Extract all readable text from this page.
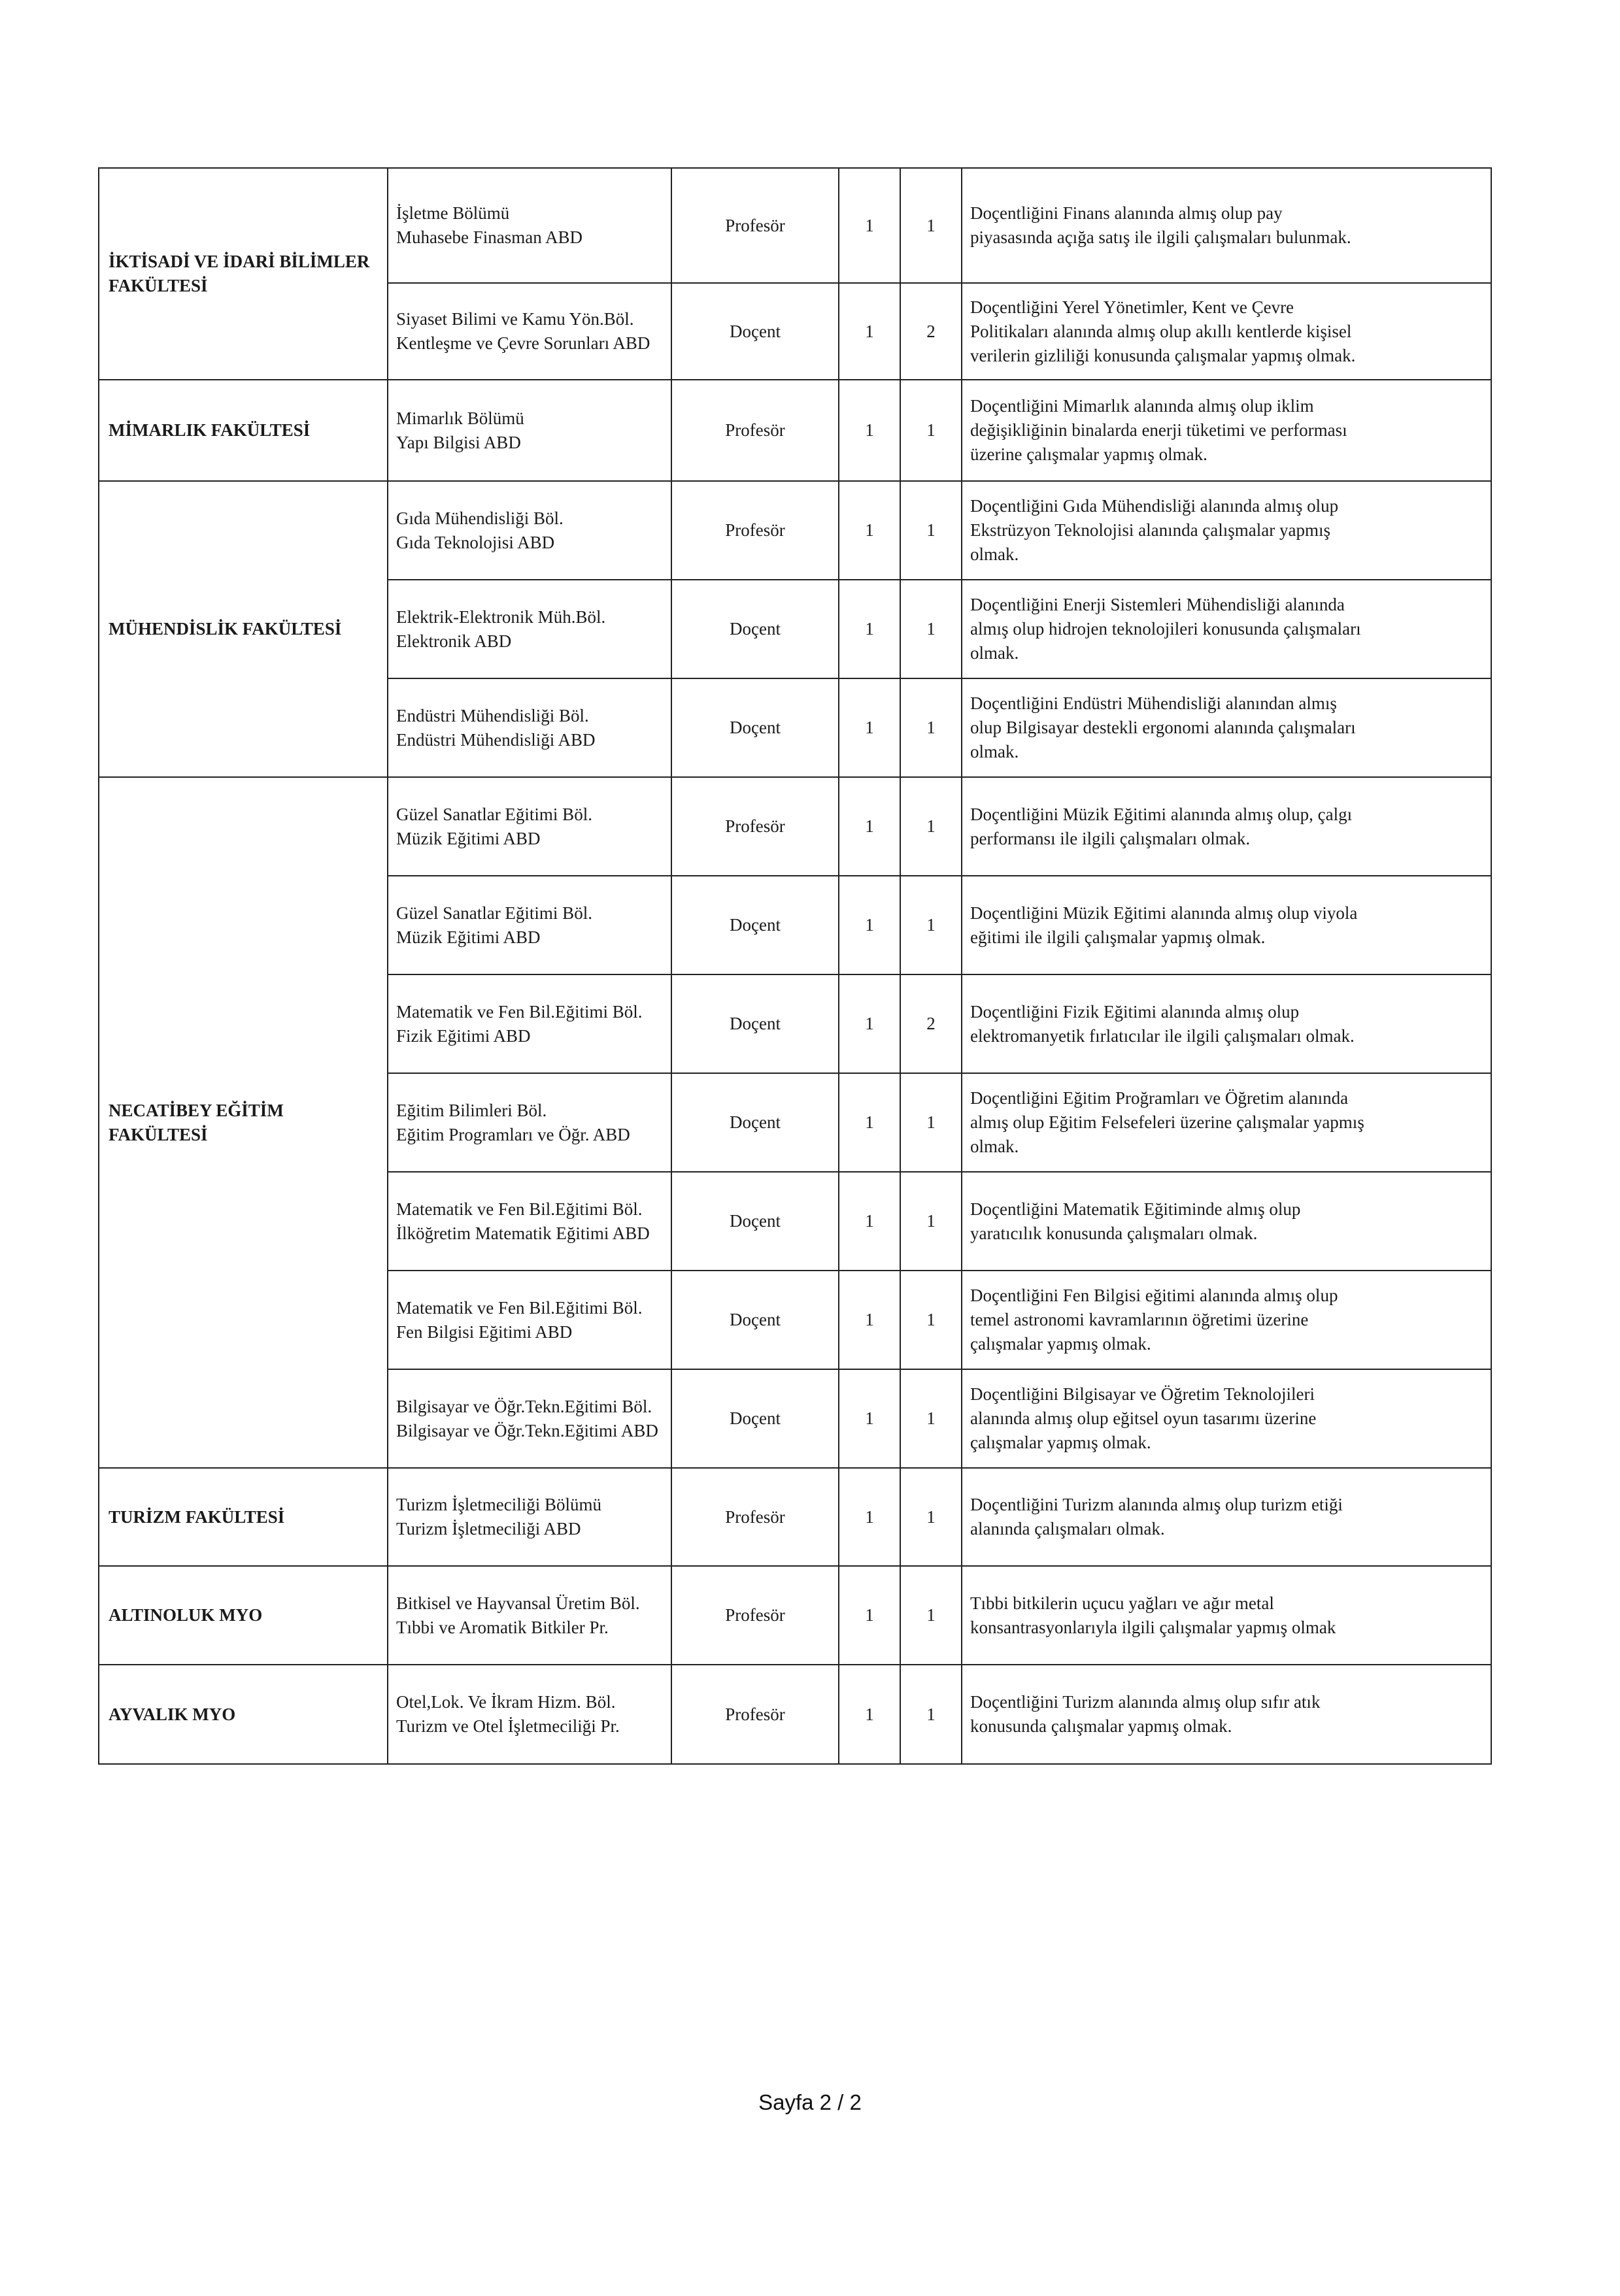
İKTİSADİ VE İDARİ BİLİMLER FAKÜLTESİ	İşletme Bölümü
Muhasebe Finasman ABD	Profesör	1	1	Doçentliğini Finans alanında almış olup pay
piyasasında açığa satış ile ilgili çalışmaları bulunmak.

	Siyaset Bilimi ve Kamu Yön.Böl.
Kentleşme ve Çevre Sorunları ABD	Doçent	1	2	Doçentliğini Yerel Yönetimler, Kent ve Çevre
Politikaları alanında almış olup akıllı kentlerde kişisel
verilerin gizliliği konusunda çalışmalar yapmış olmak.

MİMARLIK FAKÜLTESİ	Mimarlık Bölümü
Yapı Bilgisi ABD	Profesör	1	1	Doçentliğini Mimarlık alanında almış olup iklim
değişikliğinin binalarda enerji tüketimi ve performası
üzerine çalışmalar yapmış olmak.

MÜHENDİSLİK FAKÜLTESİ	Gıda Mühendisliği Böl.
Gıda Teknolojisi ABD	Profesör	1	1	Doçentliğini Gıda Mühendisliği alanında almış olup
Ekstrüzyon Teknolojisi alanında çalışmalar yapmış
olmak.

	Elektrik-Elektronik Müh.Böl.
Elektronik ABD	Doçent	1	1	Doçentliğini Enerji Sistemleri Mühendisliği alanında
almış olup hidrojen teknolojileri konusunda çalışmaları
olmak.

	Endüstri Mühendisliği Böl.
Endüstri Mühendisliği ABD	Doçent	1	1	Doçentliğini Endüstri Mühendisliği alanından almış
olup Bilgisayar destekli ergonomi alanında çalışmaları
olmak.

NECATİBEY EĞİTİM FAKÜLTESİ	Güzel Sanatlar Eğitimi Böl.
Müzik Eğitimi ABD	Profesör	1	1	Doçentliğini Müzik Eğitimi alanında almış olup, çalgı
performansı ile ilgili çalışmaları olmak.

	Güzel Sanatlar Eğitimi Böl.
Müzik Eğitimi ABD	Doçent	1	1	Doçentliğini Müzik Eğitimi alanında almış olup viyola
eğitimi ile ilgili çalışmalar yapmış olmak.

	Matematik ve Fen Bil.Eğitimi Böl.
Fizik Eğitimi ABD	Doçent	1	2	Doçentliğini Fizik Eğitimi alanında almış olup
elektromanyetik fırlatıcılar ile ilgili çalışmaları olmak.

	Eğitim Bilimleri Böl.
Eğitim Programları ve Öğr. ABD	Doçent	1	1	Doçentliğini Eğitim Proğramları ve Öğretim alanında
almış olup Eğitim Felsefeleri üzerine çalışmalar yapmış
olmak.

	Matematik ve Fen Bil.Eğitimi Böl.
İlköğretim Matematik Eğitimi ABD	Doçent	1	1	Doçentliğini Matematik Eğitiminde almış olup
yaratıcılık konusunda çalışmaları olmak.

	Matematik ve Fen Bil.Eğitimi Böl.
Fen Bilgisi Eğitimi ABD	Doçent	1	1	Doçentliğini Fen Bilgisi eğitimi alanında almış olup
temel astronomi kavramlarının öğretimi üzerine
çalışmalar yapmış olmak.

	Bilgisayar ve Öğr.Tekn.Eğitimi Böl.
Bilgisayar ve Öğr.Tekn.Eğitimi ABD	Doçent	1	1	Doçentliğini Bilgisayar ve Öğretim Teknolojileri
alanında almış olup eğitsel oyun tasarımı üzerine
çalışmalar yapmış olmak.

TURİZM FAKÜLTESİ	Turizm İşletmeciliği Bölümü
Turizm İşletmeciliği ABD	Profesör	1	1	Doçentliğini Turizm alanında almış olup turizm etiği
alanında çalışmaları olmak.

ALTINOLUK MYO	Bitkisel ve Hayvansal Üretim Böl.
Tıbbi ve Aromatik Bitkiler Pr.	Profesör	1	1	Tıbbi bitkilerin uçucu yağları ve ağır metal
konsantrasyonlarıyla ilgili çalışmalar yapmış olmak

AYVALIK MYO	Otel,Lok. Ve İkram Hizm. Böl.
Turizm ve Otel İşletmeciliği Pr.	Profesör	1	1	Doçentliğini Turizm alanında almış olup sıfır atık
konusunda çalışmalar yapmış olmak.
Sayfa 2 / 2
